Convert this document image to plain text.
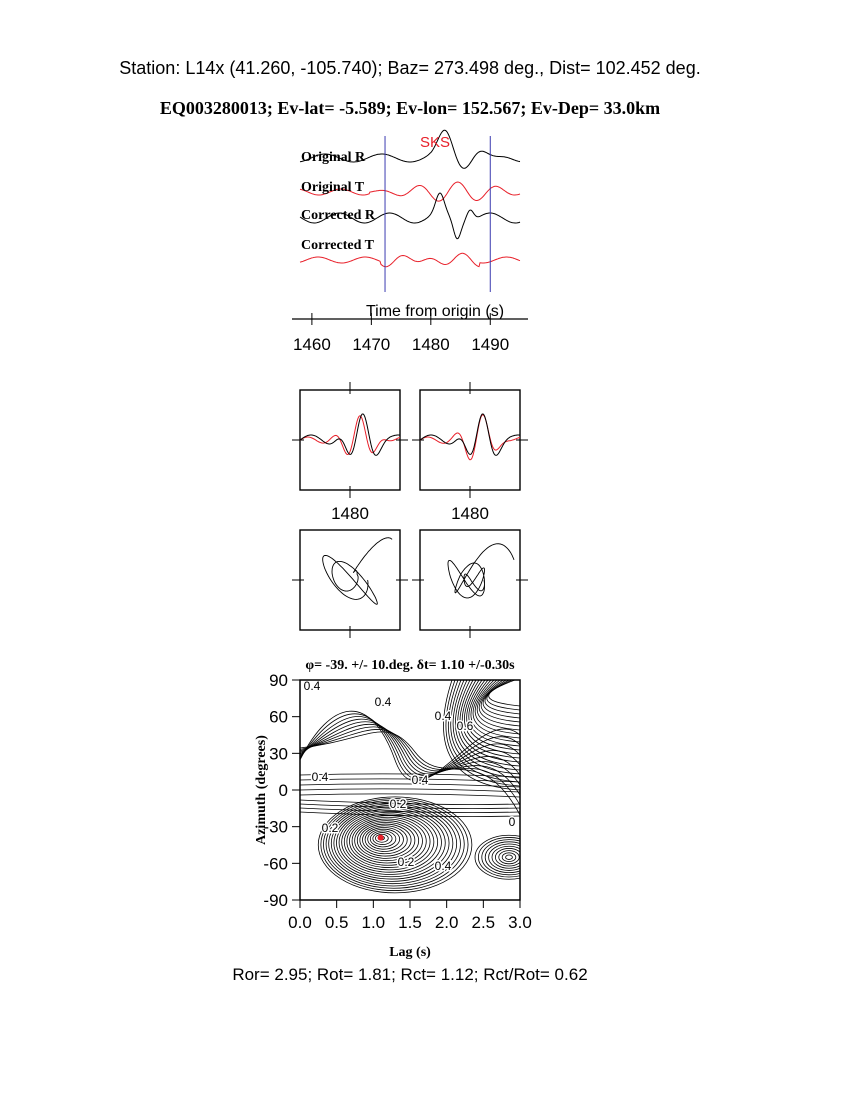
Station: L14x (41.260, -105.740); Baz= 273.498 deg., Dist= 102.452 deg.
EQ003280013; Ev-lat= -5.589; Ev-lon= 152.567; Ev-Dep= 33.0km
SKS
Original R
Original T
Corrected R
Corrected T
1460 1470 1480 1490
Time from origin (s)
1480	1480
φ= -39. +/- 10.deg. δt= 1.10 +/-0.30s
0.4
0.4
0.4
0.6
0.4	0.4
0.2
0.2
0.2 0.4
0
0.0 0.5 1.0 1.5 2.0 2.5 3.0
90
60
30
0
-30
-60
-90
Lag (s)
Azimuth (degrees)
Ror= 2.95; Rot= 1.81; Rct= 1.12; Rct/Rot= 0.62
